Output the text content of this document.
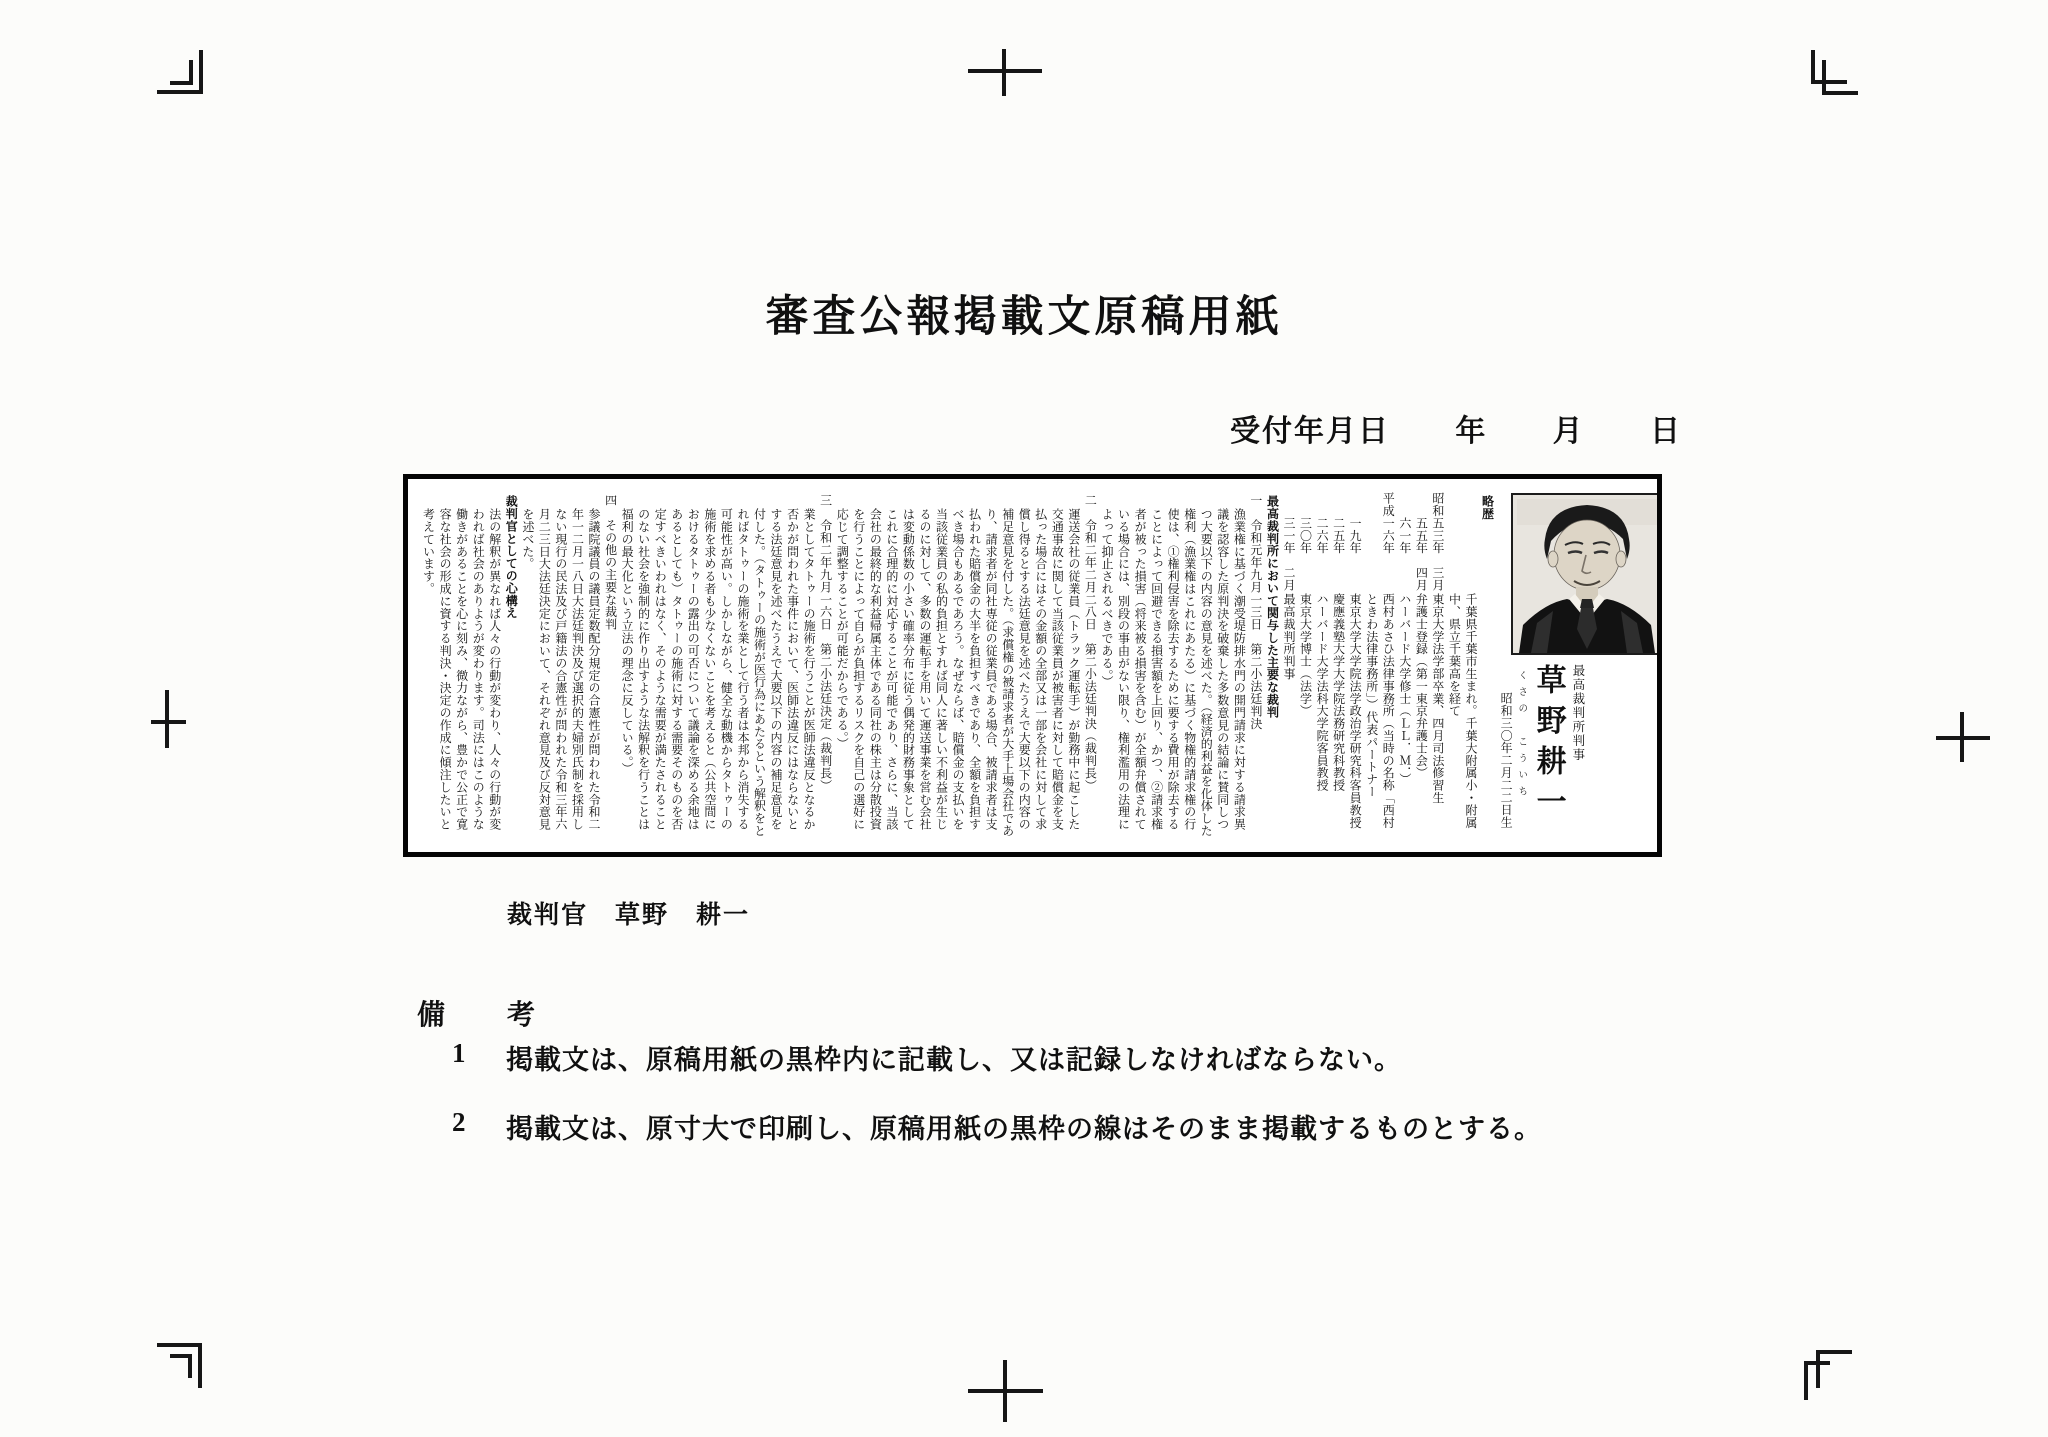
審査公報掲載文原稿用紙
受付年月日 年 月 日
最高裁判所判事
草野耕一
くさの　こういち
昭和三〇年二月二二日生
略歴
千葉県千葉市生まれ。千葉大附属小・附属中、県立千葉高を経て
昭和五三年　三月
東京大学法学部卒業、四月司法修習生
　　五五年　四月
弁護士登録（第一東京弁護士会）
　　六一年
ハーバード大学修士（ＬＬ．Ｍ．）
平成一六年
西村あさひ法律事務所（当時の名称「西村ときわ法律事務所」）代表パートナー
　　一九年
東京大学大学院法学政治学研究科客員教授
　　二五年
慶應義塾大学大学院法務研究科教授
　　二六年
ハーバード大学法科大学院客員教授
　　三〇年
東京大学博士（法学）
　　三一年　二月
最高裁判所判事
最高裁判所において関与した主要な裁判
一　令和元年九月一三日　第二小法廷判決
漁業権に基づく潮受堤防排水門の開門請求に対する請求異議を認容した原判決を破棄した多数意見の結論に賛同しつつ大要以下の内容の意見を述べた。（経済的利益を化体した権利（漁業権はこれにあたる）に基づく物権的請求権の行使は、①権利侵害を除去するために要する費用が除去することによって回避できる損害額を上回り、かつ、②請求権者が被った損害（将来被る損害を含む）が全額弁償されている場合には、別段の事由がない限り、権利濫用の法理によって抑止されるべきである。）
二　令和二年二月二八日　第二小法廷判決（裁判長）
運送会社の従業員（トラック運転手）が勤務中に起こした交通事故に関して当該従業員が被害者に対して賠償金を支払った場合にはその金額の全部又は一部を会社に対して求償し得るとする法廷意見を述べたうえで大要以下の内容の補足意見を付した。（求償権の被請求者が大手上場会社であり、請求者が同社専従の従業員である場合、被請求者は支払われた賠償金の大半を負担すべきであり、全額を負担すべき場合もあるであろう。なぜならば、賠償金の支払いを当該従業員の私的負担とすれば同人に著しい不利益が生じるのに対して、多数の運転手を用いて運送事業を営む会社は変動係数の小さい確率分布に従う偶発的財務事象としてこれに合理的に対応することが可能であり、さらに、当該会社の最終的な利益帰属主体である同社の株主は分散投資を行うことによって自らが負担するリスクを自己の選好に応じて調整することが可能だからである。）
三　令和二年九月一六日　第二小法廷決定（裁判長）
業としてタトゥーの施術を行うことが医師法違反となるか否かが問われた事件において、医師法違反にはならないとする法廷意見を述べたうえで大要以下の内容の補足意見を付した。（タトゥーの施術が医行為にあたるという解釈をとればタトゥーの施術を業として行う者は本邦から消失する可能性が高い。しかしながら、健全な動機からタトゥーの施術を求める者も少なくないことを考えると（公共空間におけるタトゥーの露出の可否について議論を深める余地はあるとしても）タトゥーの施術に対する需要そのものを否定すべきいわれはなく、そのような需要が満たされることのない社会を強制的に作り出すような法解釈を行うことは福利の最大化という立法の理念に反している。）
四　その他の主要な裁判
参議院議員の議員定数配分規定の合憲性が問われた令和二年一二月一八日大法廷判決及び選択的夫婦別氏制を採用しない現行の民法及び戸籍法の合憲性が問われた令和三年六月二三日大法廷決定において、それぞれ意見及び反対意見を述べた。
裁判官としての心構え
法の解釈が異なれば人々の行動が変わり、人々の行動が変われば社会のありようが変わります。司法にはこのような働きがあることを心に刻み、微力ながら、豊かで公正で寛容な社会の形成に資する判決・決定の作成に傾注したいと考えています。
裁判官　草野　耕一
備　　考
1 掲載文は、原稿用紙の黒枠内に記載し、又は記録しなければならない。
2 掲載文は、原寸大で印刷し、原稿用紙の黒枠の線はそのまま掲載するものとする。
